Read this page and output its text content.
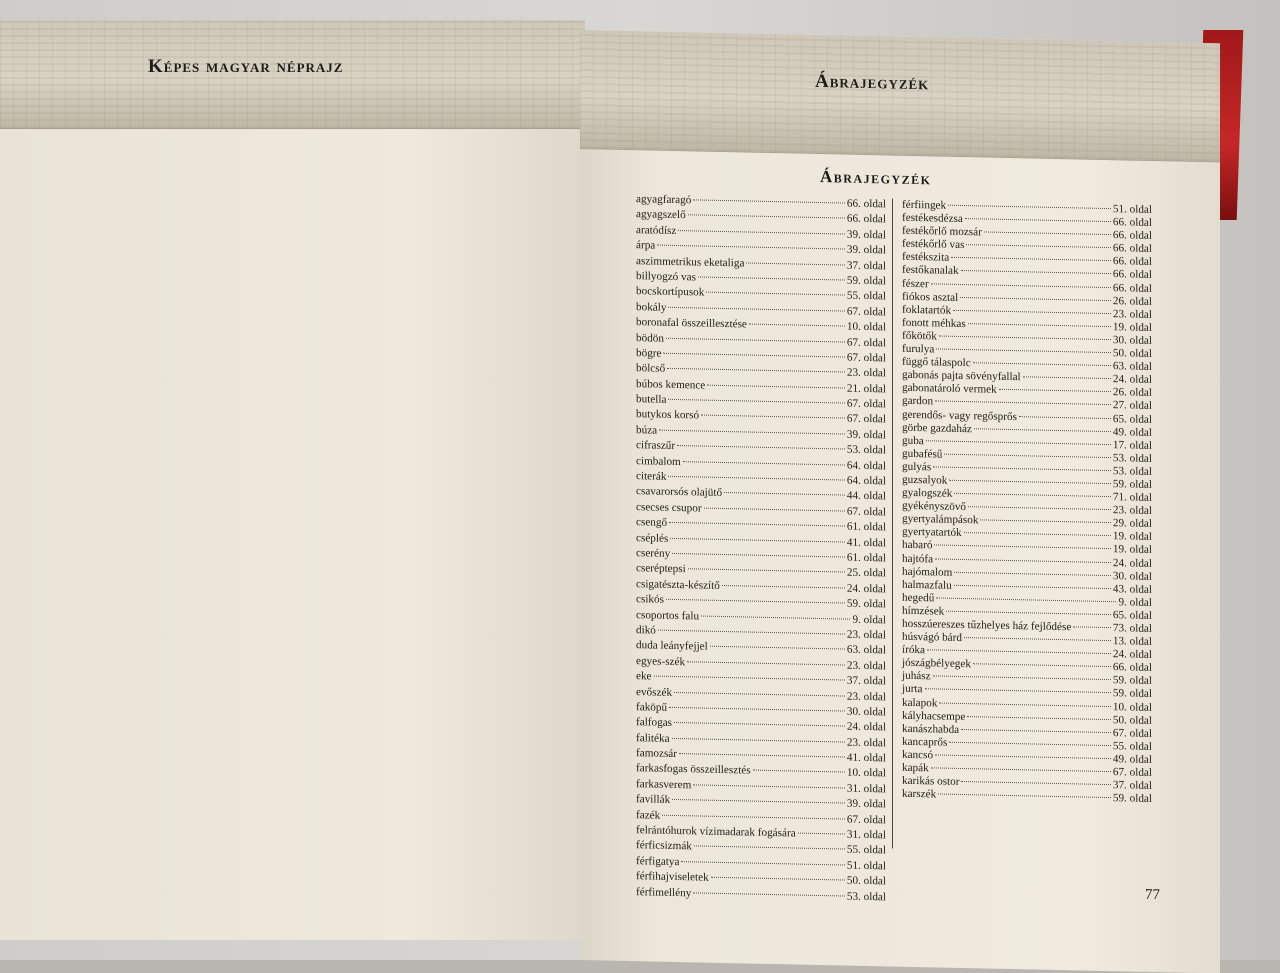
Képes magyar néprajz
Ábrajegyzék
Ábrajegyzék
agyagfaragó	66. oldal
agyagszelő	66. oldal
aratódísz	39. oldal
árpa	39. oldal
aszimmetrikus eketaliga	37. oldal
billyogzó vas	59. oldal
bocskortípusok	55. oldal
bokály	67. oldal
boronafal összeillesztése	10. oldal
bödön	67. oldal
bögre	67. oldal
bölcső	23. oldal
búbos kemence	21. oldal
butella	67. oldal
butykos korsó	67. oldal
búza	39. oldal
cifraszűr	53. oldal
cimbalom	64. oldal
citerák	64. oldal
csavarorsós olajütő	44. oldal
csecses csupor	67. oldal
csengő	61. oldal
cséplés	41. oldal
cserény	61. oldal
cseréptepsi	25. oldal
csigatészta-készítő	24. oldal
csikós	59. oldal
csoportos falu	9. oldal
dikó	23. oldal
duda leányfejjel	63. oldal
egyes-szék	23. oldal
eke	37. oldal
evőszék	23. oldal
faköpű	30. oldal
falfogas	24. oldal
falitéka	23. oldal
famozsár	41. oldal
farkasfogas összeillesztés	10. oldal
farkasverem	31. oldal
favillák	39. oldal
fazék	67. oldal
felrántóhurok vízimadarak fogására	31. oldal
férficsizmák	55. oldal
férfigatya	51. oldal
férfihajviseletek	50. oldal
férfimellény	53. oldal
férfiingek	51. oldal
festékesdézsa	66. oldal
festékőrlő mozsár	66. oldal
festékőrlő vas	66. oldal
festékszita	66. oldal
festőkanalak	66. oldal
fészer	66. oldal
fiókos asztal	26. oldal
foklatartók	23. oldal
fonott méhkas	19. oldal
főkötők	30. oldal
furulya	50. oldal
függő tálaspolc	63. oldal
gabonás pajta sövényfallal	24. oldal
gabonatároló vermek	26. oldal
gardon	27. oldal
gerendős- vagy regősprős	65. oldal
görbe gazdaház	49. oldal
guba	17. oldal
gubafésű	53. oldal
gulyás	53. oldal
guzsalyok	59. oldal
gyalogszék	71. oldal
gyékényszövő	23. oldal
gyertyalámpások	29. oldal
gyertyatartók	19. oldal
habaró	19. oldal
hajtófa	24. oldal
hajómalom	30. oldal
halmazfalu	43. oldal
hegedű	9. oldal
hímzések	65. oldal
hosszúereszes tűzhelyes ház fejlődése	73. oldal
húsvágó bárd	13. oldal
íróka	24. oldal
jószágbélyegek	66. oldal
juhász	59. oldal
jurta	59. oldal
kalapok	10. oldal
kályhacsempe	50. oldal
kanászhabda	67. oldal
kancaprős	55. oldal
kancsó	49. oldal
kapák	67. oldal
karikás ostor	37. oldal
karszék	59. oldal
77
